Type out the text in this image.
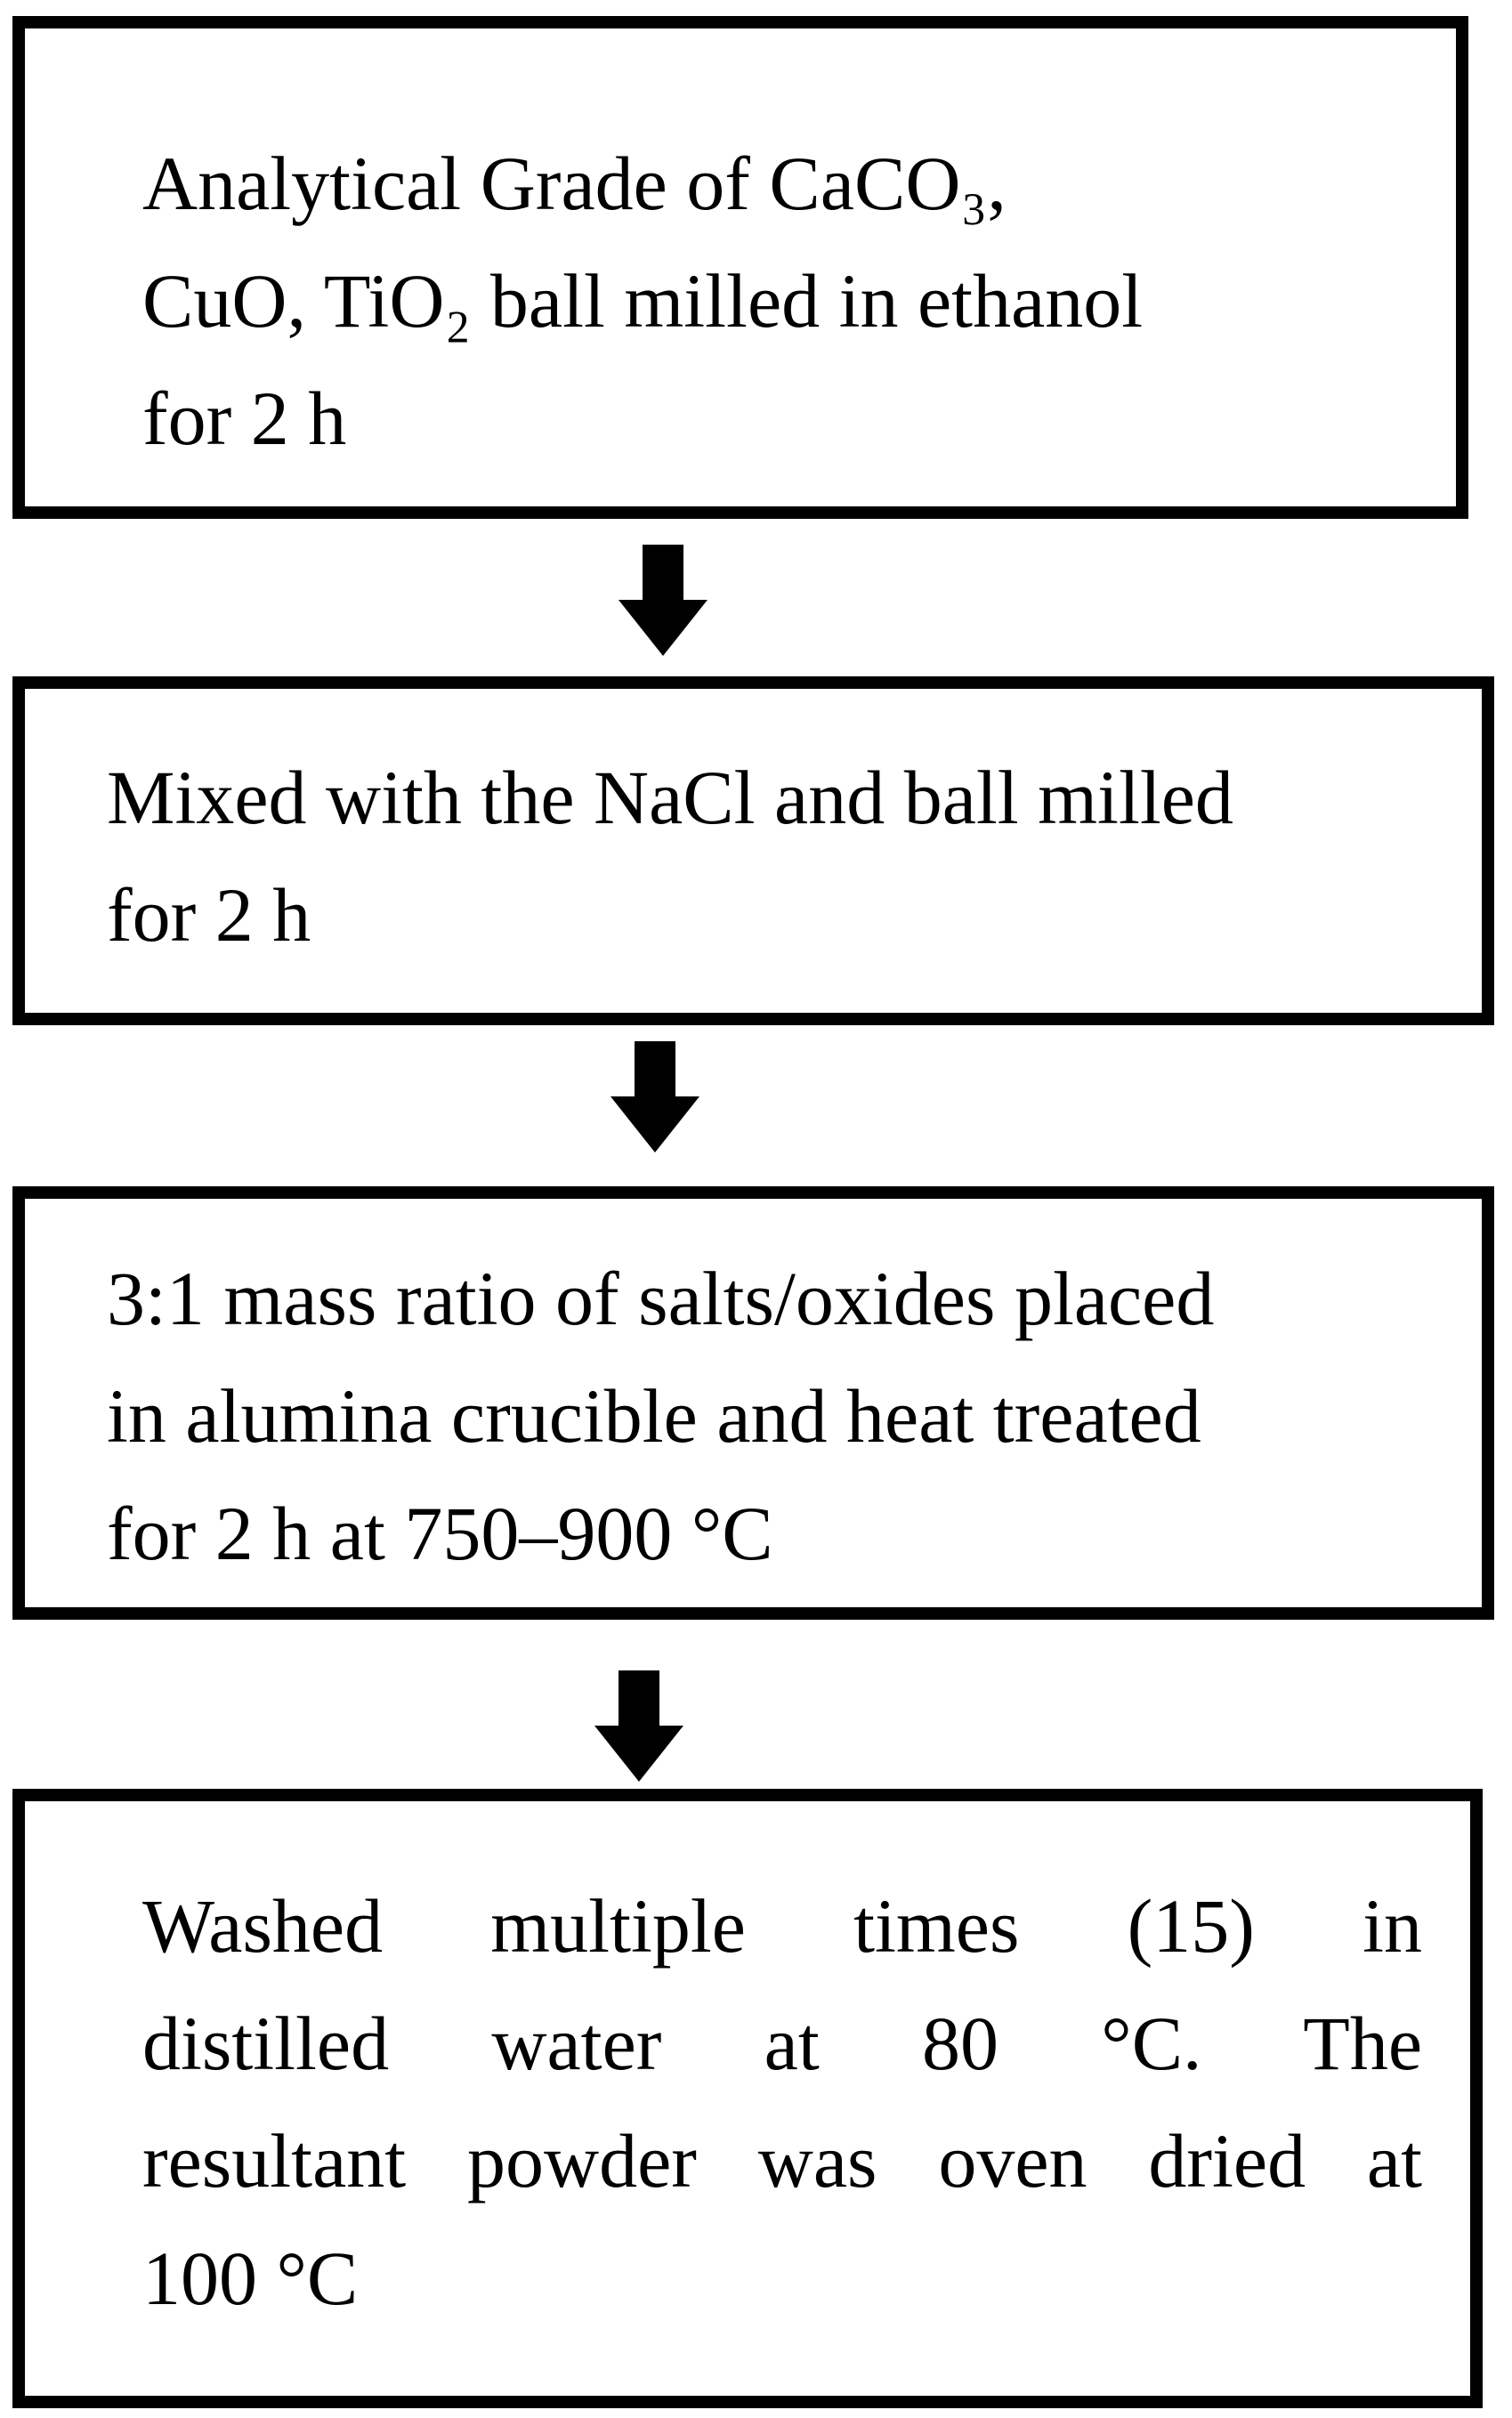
Analytical Grade of CaCO₃,
CuO, TiO₂ ball milled in ethanol
for 2 h
Mixed with the NaCl and ball milled
for 2 h
3:1 mass ratio of salts/oxides placed
in alumina crucible and heat treated
for 2 h at 750–900 °C
Washed multiple times (15) in
distilled water at 80 °C. The
resultant powder was oven dried at
100 °C
